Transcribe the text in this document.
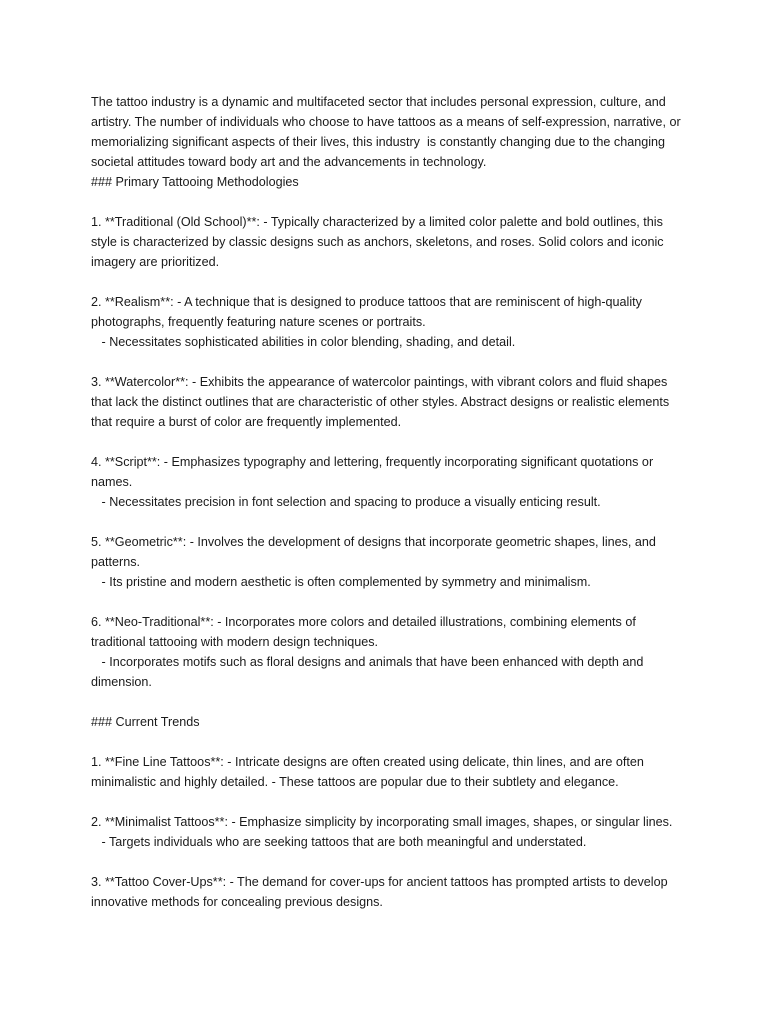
The tattoo industry is a dynamic and multifaceted sector that includes personal expression, culture, and artistry. The number of individuals who choose to have tattoos as a means of self-expression, narrative, or memorializing significant aspects of their lives, this industry  is constantly changing due to the changing societal attitudes toward body art and the advancements in technology.

### Primary Tattooing Methodologies

1. **Traditional (Old School)**: - Typically characterized by a limited color palette and bold outlines, this style is characterized by classic designs such as anchors, skeletons, and roses. Solid colors and iconic imagery are prioritized.

2. **Realism**: - A technique that is designed to produce tattoos that are reminiscent of high-quality photographs, frequently featuring nature scenes or portraits.

- Necessitates sophisticated abilities in color blending, shading, and detail.

3. **Watercolor**: - Exhibits the appearance of watercolor paintings, with vibrant colors and fluid shapes that lack the distinct outlines that are characteristic of other styles. Abstract designs or realistic elements that require a burst of color are frequently implemented.

4. **Script**: - Emphasizes typography and lettering, frequently incorporating significant quotations or names.

- Necessitates precision in font selection and spacing to produce a visually enticing result.

5. **Geometric**: - Involves the development of designs that incorporate geometric shapes, lines, and patterns.

- Its pristine and modern aesthetic is often complemented by symmetry and minimalism.

6. **Neo-Traditional**: - Incorporates more colors and detailed illustrations, combining elements of traditional tattooing with modern design techniques.

- Incorporates motifs such as floral designs and animals that have been enhanced with depth and dimension.

### Current Trends

1. **Fine Line Tattoos**: - Intricate designs are often created using delicate, thin lines, and are often minimalistic and highly detailed. - These tattoos are popular due to their subtlety and elegance.

2. **Minimalist Tattoos**: - Emphasize simplicity by incorporating small images, shapes, or singular lines.

- Targets individuals who are seeking tattoos that are both meaningful and understated.

3. **Tattoo Cover-Ups**: - The demand for cover-ups for ancient tattoos has prompted artists to develop innovative methods for concealing previous designs.
